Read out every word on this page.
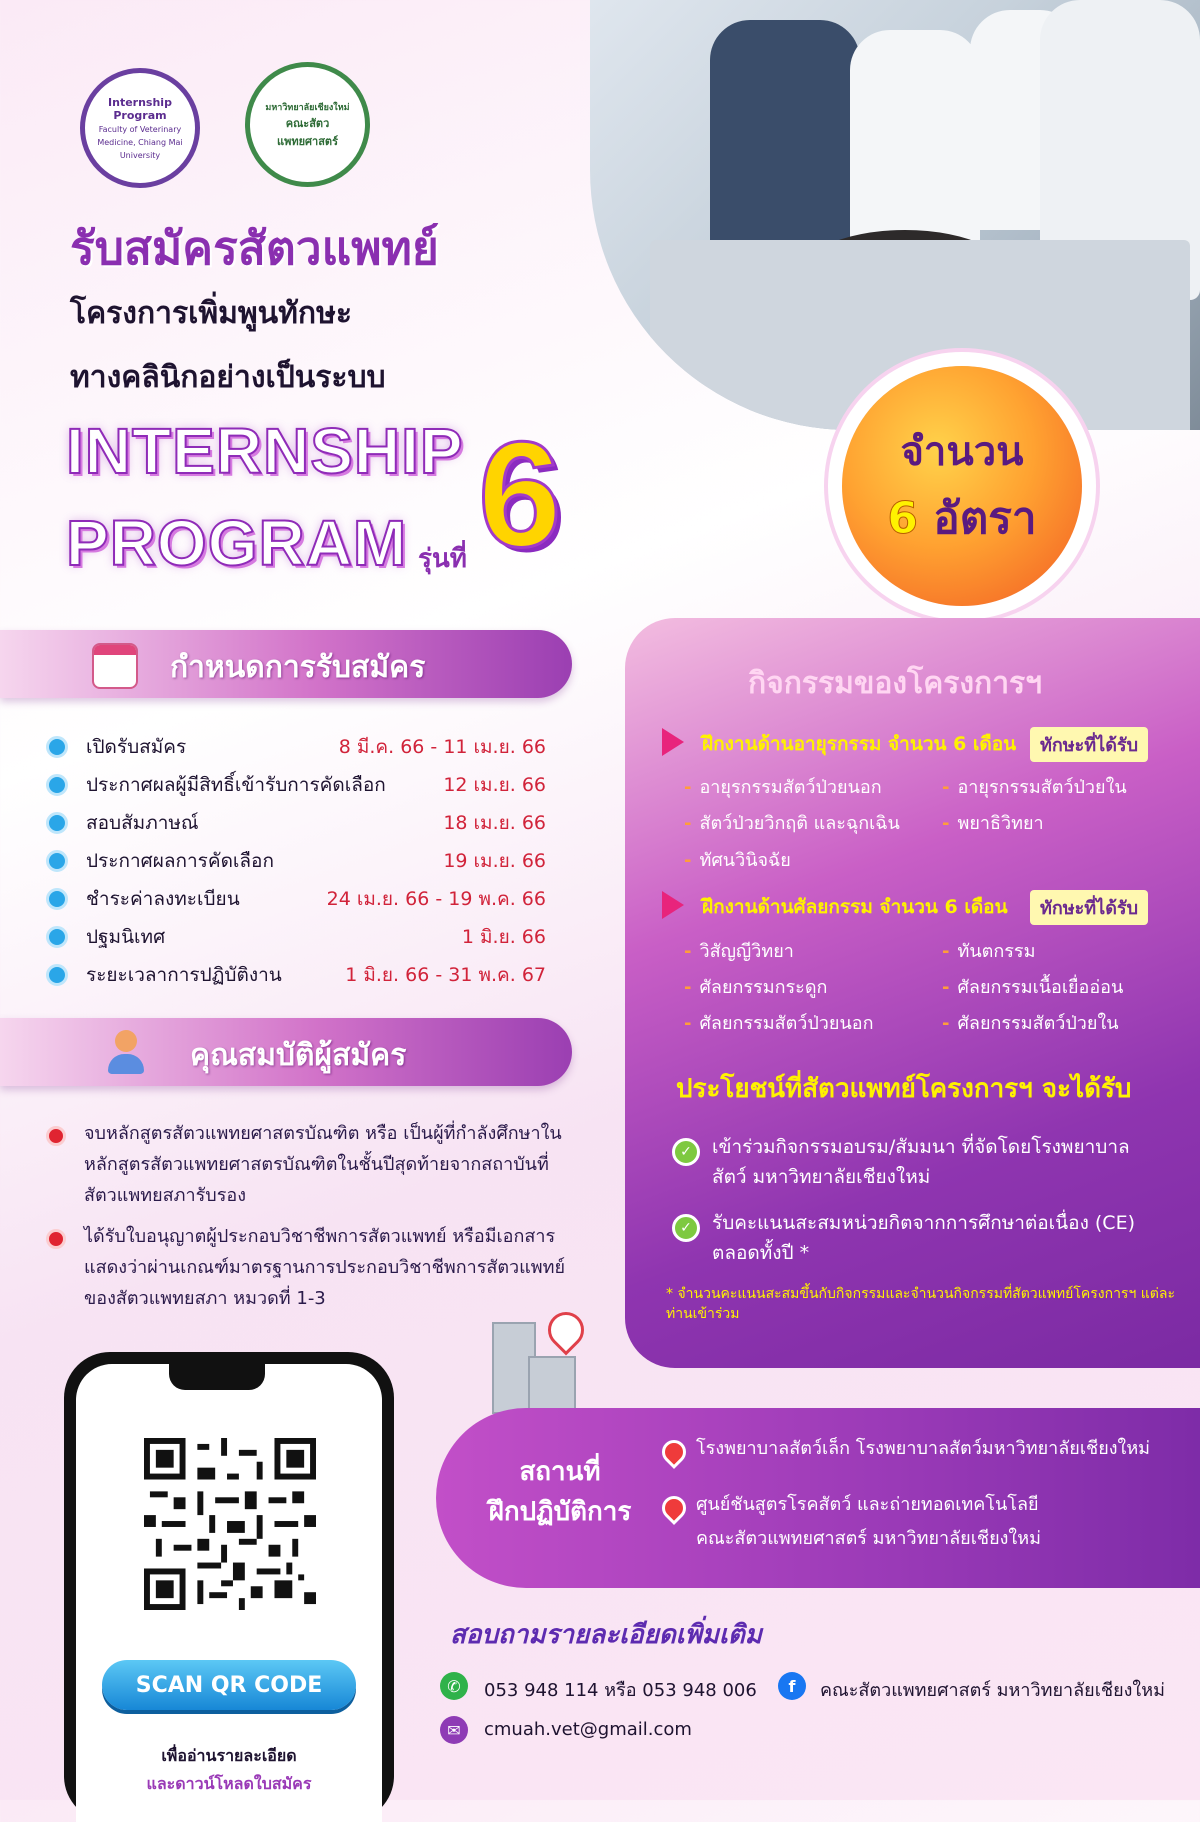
Internship Program
Faculty of Veterinary Medicine, Chiang Mai University
มหาวิทยาลัยเชียงใหม่
คณะสัตวแพทยศาสตร์
รับสมัครสัตวแพทย์
โครงการเพิ่มพูนทักษะ
ทางคลินิกอย่างเป็นระบบ
INTERNSHIP
PROGRAM รุ่นที่ 6	จำนวน
6 อัตรา
กำหนดการรับสมัคร
เปิดรับสมัคร	8 มี.ค. 66 - 11 เม.ย. 66
ประกาศผลผู้มีสิทธิ์เข้ารับการคัดเลือก	12 เม.ย. 66
สอบสัมภาษณ์	18 เม.ย. 66
ประกาศผลการคัดเลือก	19 เม.ย. 66
ชำระค่าลงทะเบียน	24 เม.ย. 66 - 19 พ.ค. 66
ปฐมนิเทศ	1 มิ.ย. 66
ระยะเวลาการปฏิบัติงาน	1 มิ.ย. 66 - 31 พ.ค. 67
คุณสมบัติผู้สมัคร
จบหลักสูตรสัตวแพทยศาสตรบัณฑิต หรือ เป็นผู้ที่กำลังศึกษาในหลักสูตรสัตวแพทยศาสตรบัณฑิตในชั้นปีสุดท้ายจากสถาบันที่สัตวแพทยสภารับรอง
ได้รับใบอนุญาตผู้ประกอบวิชาชีพการสัตวแพทย์ หรือมีเอกสารแสดงว่าผ่านเกณฑ์มาตรฐานการประกอบวิชาชีพการสัตวแพทย์ของสัตวแพทยสภา หมวดที่ 1-3
กิจกรรมของโครงการฯ
ฝึกงานด้านอายุรกรรม จำนวน 6 เดือน	ทักษะที่ได้รับ
- อายุรกรรมสัตว์ป่วยนอก	- อายุรกรรมสัตว์ป่วยใน
- สัตว์ป่วยวิกฤติ และฉุกเฉิน - พยาธิวิทยา
- ทัศนวินิจฉัย
ฝึกงานด้านศัลยกรรม จำนวน 6 เดือน	ทักษะที่ได้รับ
- วิสัญญีวิทยา	- ทันตกรรม
- ศัลยกรรมกระดูก	- ศัลยกรรมเนื้อเยื่ออ่อน
- ศัลยกรรมสัตว์ป่วยนอก	- ศัลยกรรมสัตว์ป่วยใน
ประโยชน์ที่สัตวแพทย์โครงการฯ จะได้รับ
✓	เข้าร่วมกิจกรรมอบรม/สัมมนา ที่จัดโดยโรงพยาบาลสัตว์ มหาวิทยาลัยเชียงใหม่
✓	รับคะแนนสะสมหน่วยกิตจากการศึกษาต่อเนื่อง (CE) ตลอดทั้งปี *
* จำนวนคะแนนสะสมขึ้นกับกิจกรรมและจำนวนกิจกรรมที่สัตวแพทย์โครงการฯ แต่ละท่านเข้าร่วม
สถานที่
ฝึกปฏิบัติการ
โรงพยาบาลสัตว์เล็ก โรงพยาบาลสัตว์มหาวิทยาลัยเชียงใหม่
ศูนย์ชันสูตรโรคสัตว์ และถ่ายทอดเทคโนโลยี
คณะสัตวแพทยศาสตร์ มหาวิทยาลัยเชียงใหม่
SCAN QR CODE
เพื่ออ่านรายละเอียด
และดาวน์โหลดใบสมัคร
สอบถามรายละเอียดเพิ่มเติม
✆	053 948 114 หรือ 053 948 006	f	คณะสัตวแพทยศาสตร์ มหาวิทยาลัยเชียงใหม่
✉	cmuah.vet@gmail.com
